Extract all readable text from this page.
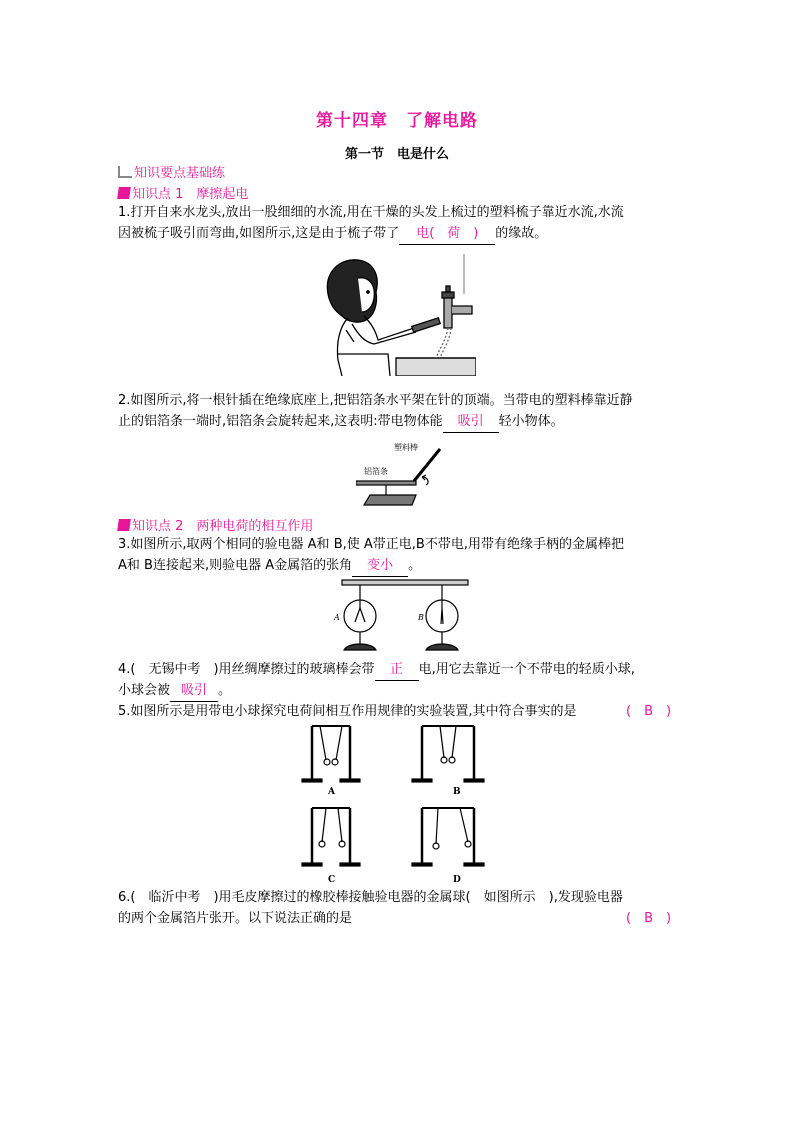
第十四章　了解电路
第一节　电是什么
知识要点基础练
知识点 1　摩擦起电
1.打开自来水龙头,放出一股细细的水流,用在干燥的头发上梳过的塑料梳子靠近水流,水流
因被梳子吸引而弯曲,如图所示,这是由于梳子带了 电(　荷　) 的缘故。
2.如图所示,将一根针插在绝缘底座上,把铝箔条水平架在针的顶端。当带电的塑料棒靠近静
止的铝箔条一端时,铝箔条会旋转起来,这表明:带电物体能 吸引 轻小物体。
塑料棒
铝箔条
知识点 2　两种电荷的相互作用
3.如图所示,取两个相同的验电器 A和 B,使 A带正电,B不带电,用带有绝缘手柄的金属棒把
A和 B连接起来,则验电器 A金属箔的张角 变小 。
A	B
4.(　无锡中考　)用丝绸摩擦过的玻璃棒会带 正 电,用它去靠近一个不带电的轻质小球,
小球会被 吸引 。
5.如图所示是用带电小球探究电荷间相互作用规律的实验装置,其中符合事实的是	(　B　)
A	B
C	D
6.(　临沂中考　)用毛皮摩擦过的橡胶棒接触验电器的金属球(　如图所示　),发现验电器
的两个金属箔片张开。以下说法正确的是	(　B　)
